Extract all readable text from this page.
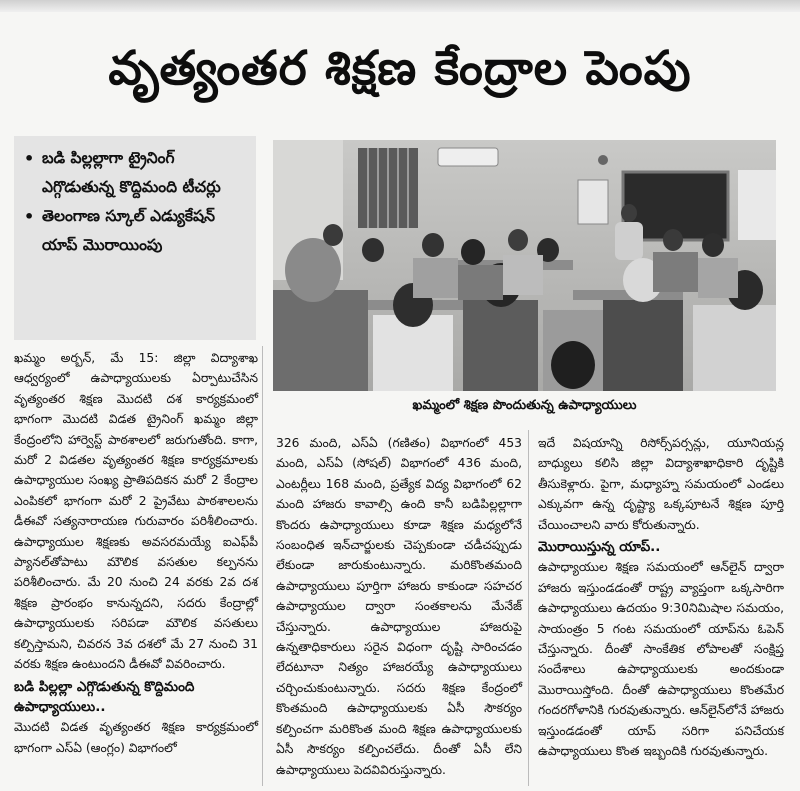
వృత్యంతర శిక్షణ కేంద్రాల పెంపు
• బడి పిల్లల్లాగా ట్రైనింగ్ ఎగ్గొడుతున్న కొద్దిమంది టీచర్లు
• తెలంగాణ స్కూల్ ఎడ్యుకేషన్ యాప్ మొరాయింపు
ఖమ్మంలో శిక్షణ పొందుతున్న ఉపాధ్యాయులు

ఖమ్మం అర్బన్, మే 15: జిల్లా విద్యాశాఖ ఆధ్వర్యంలో ఉపాధ్యాయులకు ఏర్పాటుచేసిన వృత్యంతర శిక్షణ మొదటి దశ కార్యక్రమంలో భాగంగా మొదటి విడత ట్రైనింగ్ ఖమ్మం జిల్లా కేంద్రంలోని హార్వెస్ట్ పాఠశాలలో జరుగుతోంది. కాగా, మరో 2 విడతల వృత్యంతర శిక్షణ కార్యక్రమాలకు ఉపాధ్యాయుల సంఖ్య ప్రాతిపదికన మరో 2 కేంద్రాల ఎంపికలో భాగంగా మరో 2 ప్రైవేటు పాఠశాలలను డీఈవో సత్యనారాయణ గురువారం పరిశీలించారు. ఉపాధ్యాయుల శిక్షణకు అవసరమయ్యే ఐఎఫ్‌పీ ప్యానల్‌తోపాటు మౌలిక వసతుల కల్పనను పరిశీలించారు. మే 20 నుంచి 24 వరకు 2వ దశ శిక్షణ ప్రారంభం కానున్నదని, సదరు కేంద్రాల్లో ఉపాధ్యాయులకు సరిపడా మౌలిక వసతులు కల్పిస్తామని, చివరన 3వ దశలో మే 27 నుంచి 31 వరకు శిక్షణ ఉంటుందని డీఈవో వివరించారు.

బడి పిల్లల్లా ఎగ్గొడుతున్న కొద్దిమంది ఉపాధ్యాయులు..

మొదటి విడత వృత్యంతర శిక్షణ కార్యక్రమంలో భాగంగా ఎస్ఏ (ఆంగ్లం) విభాగంలో

326 మంది, ఎస్ఏ (గణితం) విభాగంలో 453 మంది, ఎస్ఏ (సోషల్) విభాగంలో 436 మంది, ఎంటర్లీలు 168 మంది, ప్రత్యేక విద్య విభాగంలో 62 మంది హాజరు కావాల్సి ఉంది కానీ బడిపిల్లల్లాగా కొందరు ఉపాధ్యాయులు కూడా శిక్షణ మధ్యలోనే సంబంధిత ఇన్‌చార్జులకు చెప్పకుండా చడీచప్పుడు లేకుండా జారుకుంటున్నారు. మరికొంతమంది ఉపాధ్యాయులు పూర్తిగా హాజరు కాకుండా సహచర ఉపాధ్యాయుల ద్వారా సంతకాలను మేనేజ్ చేస్తున్నారు. ఉపాధ్యాయుల హాజరుపై ఉన్నతాధికారులు సరైన విధంగా దృష్టి సారించడం లేదటూనా నిత్యం హాజరయ్యే ఉపాధ్యాయులు చర్చించుకుంటున్నారు. సదరు శిక్షణ కేంద్రంలో కొంతమంది ఉపాధ్యాయులకు ఏసీ సౌకర్యం కల్పించగా మరికొంత మంది శిక్షణ ఉపాధ్యాయులకు ఏసీ సౌకర్యం కల్పించలేదు. దీంతో ఏసీ లేని ఉపాధ్యాయులు పెదవివిరుస్తున్నారు.

ఇదే విషయాన్ని రిసోర్స్‌పర్సన్లు, యూనియన్ల బాధ్యులు కలిసి జిల్లా విద్యాశాఖాధికారి దృష్టికి తీసుకెళ్లారు. పైగా, మధ్యాహ్న సమయంలో ఎండలు ఎక్కువగా ఉన్న దృష్ట్యా ఒక్కపూటనే శిక్షణ పూర్తి చేయించాలని వారు కోరుతున్నారు.

మొరాయిస్తున్న యాప్..

ఉపాధ్యాయుల శిక్షణ సమయంలో ఆన్‌లైన్ ద్వారా హాజరు ఇస్తుండడంతో రాష్ట్ర వ్యాప్తంగా ఒక్కసారిగా ఉపాధ్యాయులు ఉదయం 9:30నిమిషాల సమయం, సాయంత్రం 5 గంట సమయంలో యాప్‌ను ఓపెన్ చేస్తున్నారు. దీంతో సాంకేతిక లోపాలతో సంక్షిప్త సందేశాలు ఉపాధ్యాయులకు అందకుండా మొరాయిస్తోంది. దీంతో ఉపాధ్యాయులు కొంతమేర గందరగోళానికి గురవుతున్నారు. ఆన్‌లైన్‌లోనే హాజరు ఇస్తుండడంతో యాప్ సరిగా పనిచేయక ఉపాధ్యాయులు కొంత ఇబ్బందికి గురవుతున్నారు.
